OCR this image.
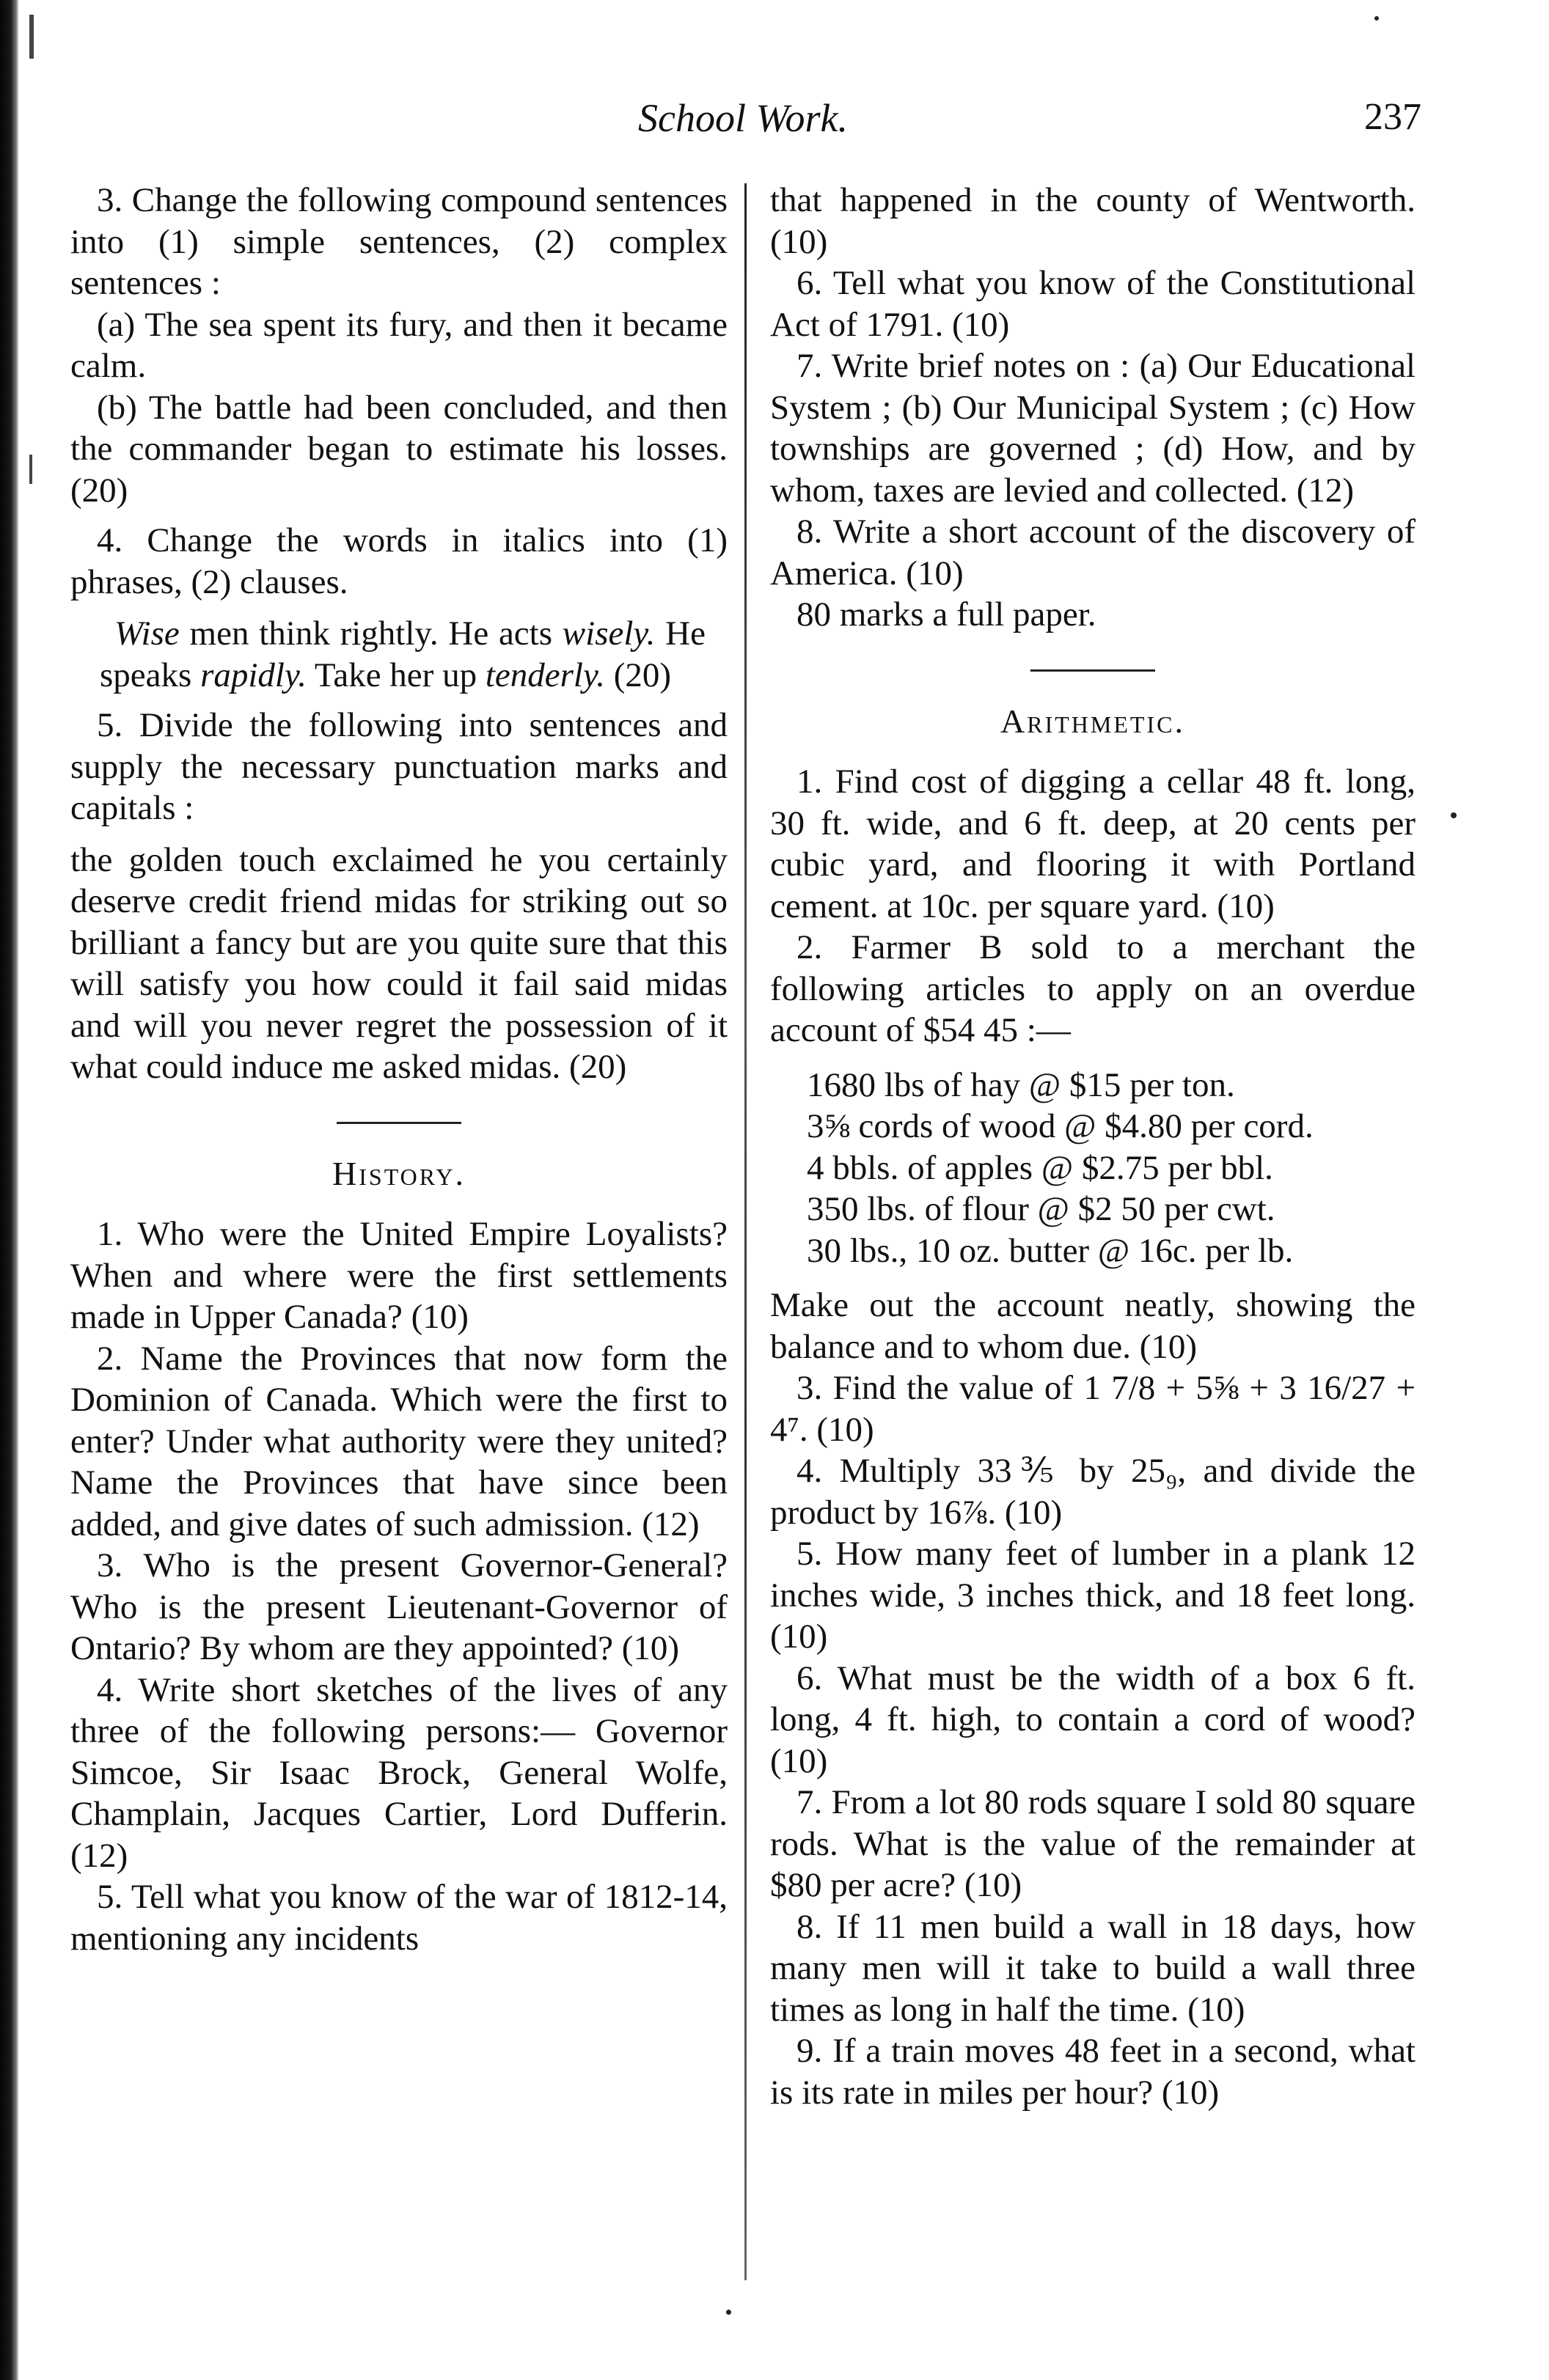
School Work.	237

3. Change the following compound sentences into (1) simple sentences, (2) complex sentences :

(a) The sea spent its fury, and then it became calm.

(b) The battle had been concluded, and then the commander began to estimate his losses. (20)

4. Change the words in italics into (1) phrases, (2) clauses.

Wise men think rightly. He acts wisely. He speaks rapidly. Take her up tenderly. (20)

5. Divide the following into sentences and supply the necessary punctuation marks and capitals :

the golden touch exclaimed he you certainly deserve credit friend midas for striking out so brilliant a fancy but are you quite sure that this will satisfy you how could it fail said midas and will you never regret the possession of it what could induce me asked midas. (20)

History.

1. Who were the United Empire Loyalists? When and where were the first settlements made in Upper Canada? (10)

2. Name the Provinces that now form the Dominion of Canada. Which were the first to enter? Under what authority were they united? Name the Provinces that have since been added, and give dates of such admission. (12)

3. Who is the present Governor-General? Who is the present Lieutenant-Governor of Ontario? By whom are they appointed? (10)

4. Write short sketches of the lives of any three of the following persons:— Governor Simcoe, Sir Isaac Brock, General Wolfe, Champlain, Jacques Cartier, Lord Dufferin. (12)

5. Tell what you know of the war of 1812-14, mentioning any incidents

that happened in the county of Wentworth. (10)

6. Tell what you know of the Constitutional Act of 1791. (10)

7. Write brief notes on : (a) Our Educational System ; (b) Our Municipal System ; (c) How townships are governed ; (d) How, and by whom, taxes are levied and collected. (12)

8. Write a short account of the discovery of America. (10)

80 marks a full paper.

Arithmetic.

1. Find cost of digging a cellar 48 ft. long, 30 ft. wide, and 6 ft. deep, at 20 cents per cubic yard, and flooring it with Portland cement. at 10c. per square yard. (10)

2. Farmer B sold to a merchant the following articles to apply on an overdue account of $54 45 :—

1680 lbs of hay @ $15 per ton.
3⅝ cords of wood @ $4.80 per cord.
4 bbls. of apples @ $2.75 per bbl.
350 lbs. of flour @ $2 50 per cwt.
30 lbs., 10 oz. butter @ 16c. per lb.

Make out the account neatly, showing the balance and to whom due. (10)

3. Find the value of 1 7/8 + 5⅝ + 3 16/27 + 4⁷. (10)

4. Multiply 33⅗ by 25₉, and divide the product by 16⅞. (10)

5. How many feet of lumber in a plank 12 inches wide, 3 inches thick, and 18 feet long. (10)

6. What must be the width of a box 6 ft. long, 4 ft. high, to contain a cord of wood? (10)

7. From a lot 80 rods square I sold 80 square rods. What is the value of the remainder at $80 per acre? (10)

8. If 11 men build a wall in 18 days, how many men will it take to build a wall three times as long in half the time. (10)

9. If a train moves 48 feet in a second, what is its rate in miles per hour? (10)
